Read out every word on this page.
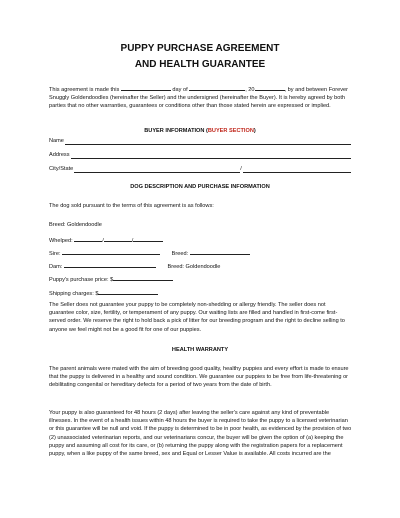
PUPPY PURCHASE AGREEMENT
AND HEALTH GUARANTEE

This agreement is made this	day of	, 20	, by and between Forever Snuggly Goldendoodles (hereinafter the Seller) and the undersigned (hereinafter the Buyer). It is hereby agreed by both parties that no other warranties, guarantees or conditions other than those stated herein are expressed or implied.

BUYER INFORMATION (BUYER SECTION)
Name
Address
City/State	/
DOG DESCRIPTION AND PURCHASE INFORMATION
The dog sold pursuant to the terms of this agreement is as follows:
Breed: Goldendoodle
Whelped:	/	/
Sire:	Breed:
Dam:	Breed: Goldendoodle
Puppy's purchase price: $
Shipping charges: $

The Seller does not guarantee your puppy to be completely non-shedding or allergy friendly. The seller does not guarantee color, size, fertility, or temperament of any puppy. Our waiting lists are filled and handled in first-come first-served order. We reserve the right to hold back a pick of litter for our breeding program and the right to decline selling to anyone we feel might not be a good fit for one of our puppies.

HEALTH WARRANTY

The parent animals were mated with the aim of breeding good quality, healthy puppies and every effort is made to ensure that the puppy is delivered in a healthy and sound condition. We guarantee our puppies to be free from life-threatening or debilitating congenital or hereditary defects for a period of two years from the date of birth.

Your puppy is also guaranteed for 48 hours (2 days) after leaving the seller's care against any kind of preventable illnesses. In the event of a health issues within 48 hours the buyer is required to take the puppy to a licensed veterinarian or this guarantee will be null and void. If the puppy is determined to be in poor health, as evidenced by the provision of two (2) unassociated veterinarian reports, and our veterinarians concur, the buyer will be given the option of (a) keeping the puppy and assuming all cost for its care, or (b) returning the puppy along with the registration papers for a replacement puppy, when a like puppy of the same breed, sex and Equal or Lesser Value is available. All costs incurred are the
